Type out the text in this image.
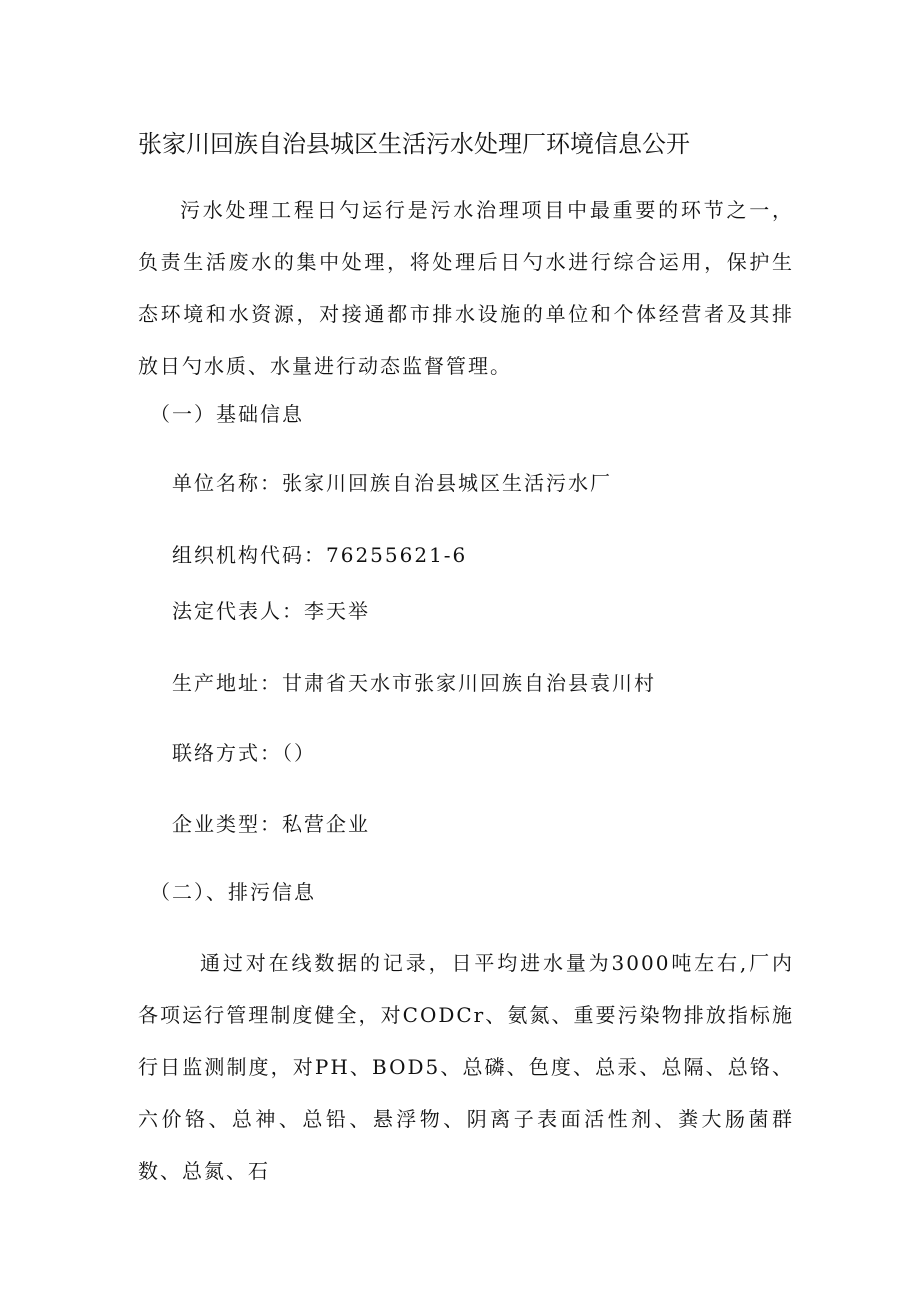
张家川回族自治县城区生活污水处理厂环境信息公开

污水处理工程日勺运行是污水治理项目中最重要的环节之一，负责生活废水的集中处理，将处理后日勺水进行综合运用，保护生态环境和水资源，对接通都市排水设施的单位和个体经营者及其排放日勺水质、水量进行动态监督管理。

（一）基础信息
单位名称：张家川回族自治县城区生活污水厂
组织机构代码：76255621-6
法定代表人：李天举
生产地址：甘肃省天水市张家川回族自治县袁川村
联络方式：（）
企业类型：私营企业
（二）、排污信息

通过对在线数据的记录，日平均进水量为3000吨左右,厂内各项运行管理制度健全，对CODCr、氨氮、重要污染物排放指标施行日监测制度，对PH、BOD5、总磷、色度、总汞、总隔、总铬、六价铬、总神、总铅、悬浮物、阴离子表面活性剂、粪大肠菌群数、总氮、石
